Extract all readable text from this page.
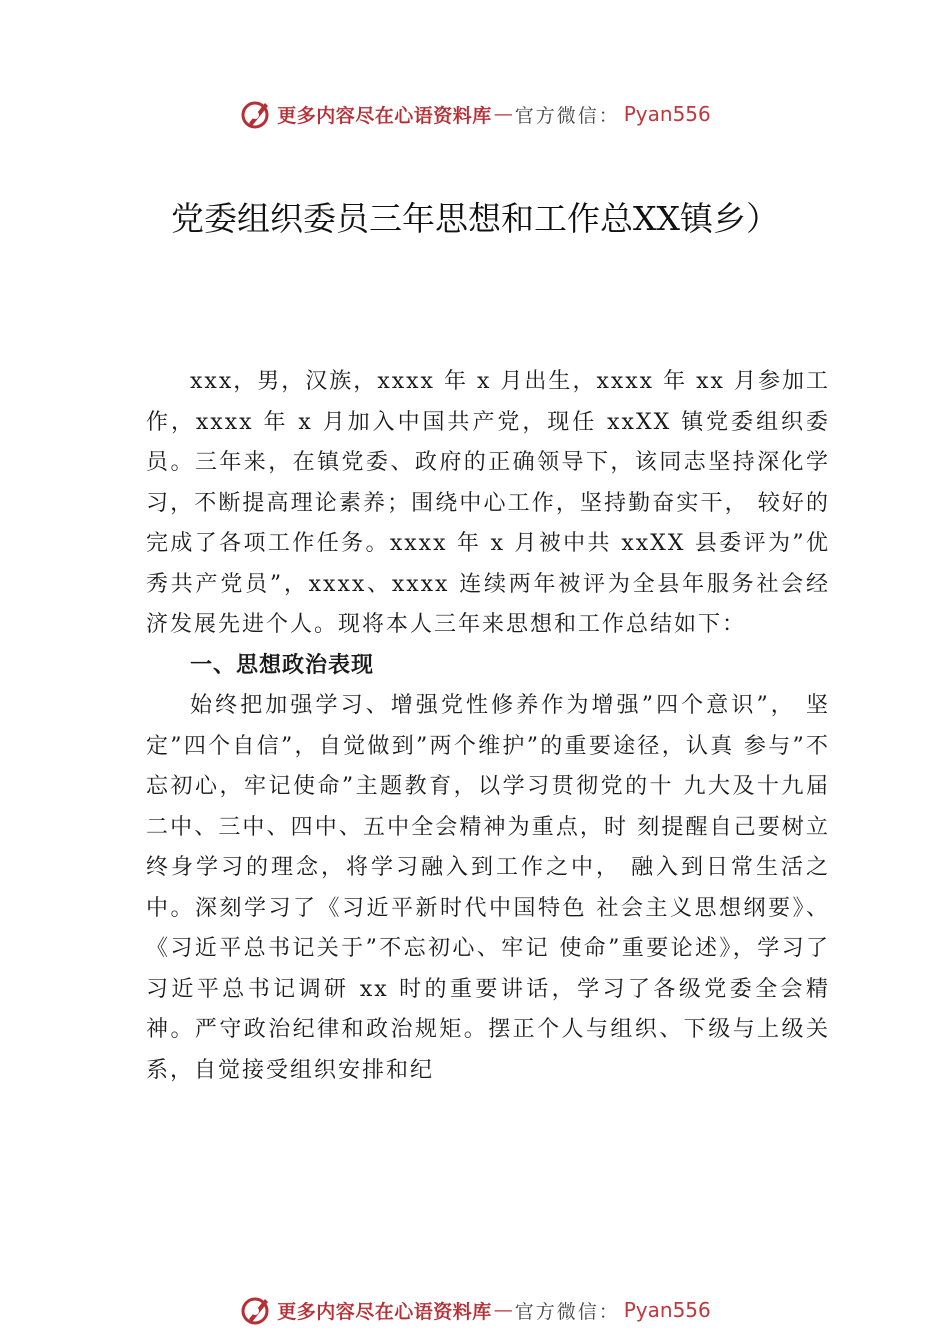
更多内容尽在心语资料库 — 官方微信： Pyan556
党委组织委员三年思想和工作总XX镇乡）

xxx，男，汉族，xxxx 年 x 月出生，xxxx 年 xx 月参加工作，xxxx 年 x 月加入中国共产党，现任 xxXX 镇党委组织委员。三年来，在镇党委、政府的正确领导下，该同志坚持深化学习，不断提高理论素养；围绕中心工作，坚持勤奋实干， 较好的完成了各项工作任务。xxxx 年 x 月被中共 xxXX 县委评为”优秀共产党员”，xxxx、xxxx 连续两年被评为全县年服务社会经济发展先进个人。现将本人三年来思想和工作总结如下：

一、思想政治表现

始终把加强学习、增强党性修养作为增强”四个意识”， 坚定”四个自信”，自觉做到”两个维护”的重要途径，认真 参与”不忘初心，牢记使命”主题教育，以学习贯彻党的十 九大及十九届二中、三中、四中、五中全会精神为重点，时 刻提醒自己要树立终身学习的理念，将学习融入到工作之中， 融入到日常生活之中。深刻学习了《习近平新时代中国特色 社会主义思想纲要》、《习近平总书记关于”不忘初心、牢记 使命”重要论述》，学习了习近平总书记调研 xx 时的重要讲话，学习了各级党委全会精神。严守政治纪律和政治规矩。摆正个人与组织、下级与上级关系，自觉接受组织安排和纪

更多内容尽在心语资料库 — 官方微信： Pyan556
